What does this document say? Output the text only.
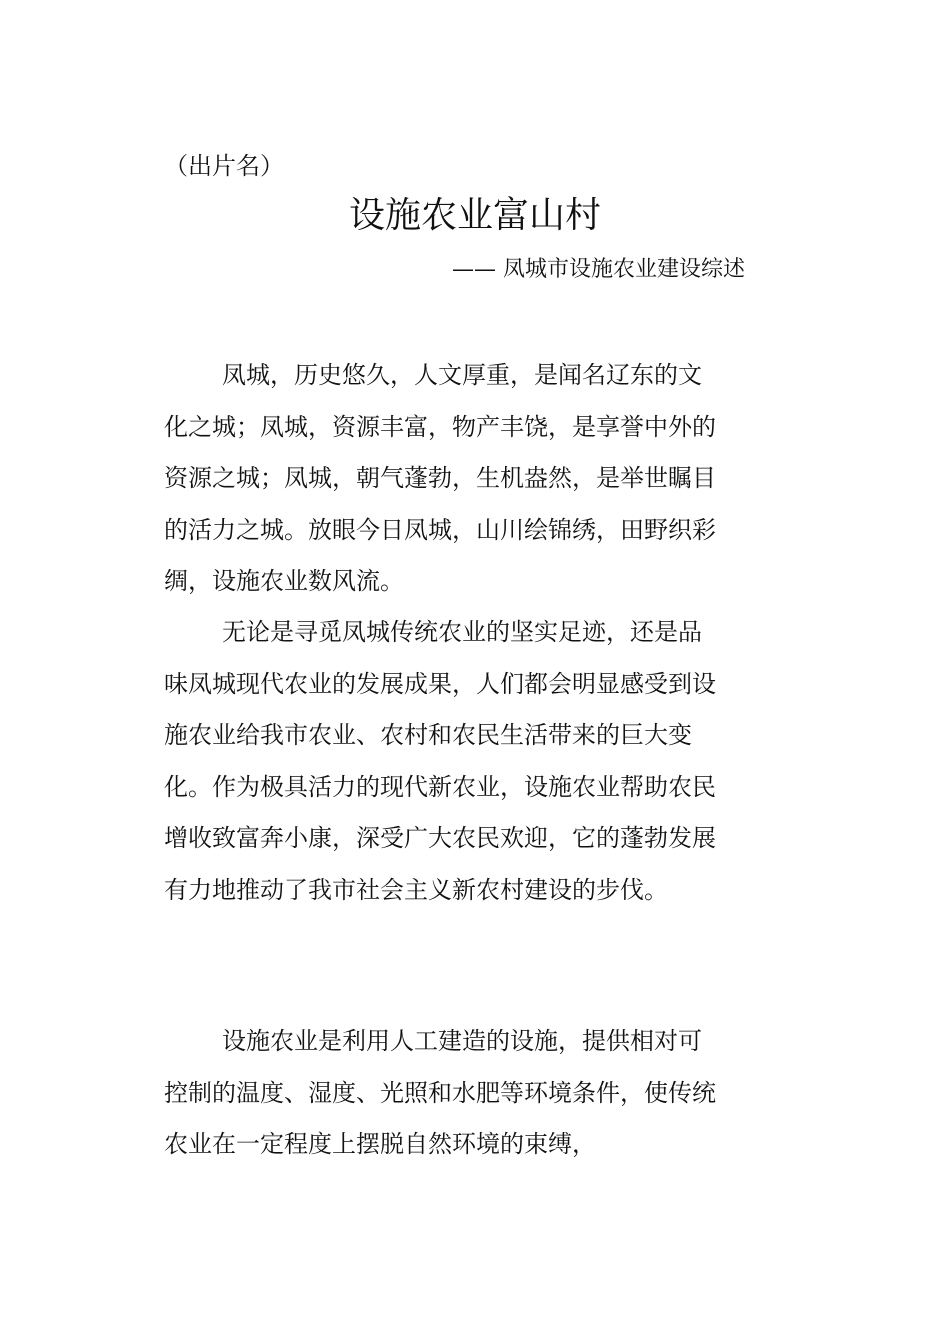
（出片名）
设施农业富山村
—— 凤城市设施农业建设综述

凤城，历史悠久，人文厚重，是闻名辽东的文化之城；凤城，资源丰富，物产丰饶，是享誉中外的资源之城；凤城，朝气蓬勃，生机盎然，是举世瞩目的活力之城。放眼今日凤城，山川绘锦绣，田野织彩绸，设施农业数风流。

无论是寻觅凤城传统农业的坚实足迹，还是品味凤城现代农业的发展成果，人们都会明显感受到设施农业给我市农业、农村和农民生活带来的巨大变化。作为极具活力的现代新农业，设施农业帮助农民增收致富奔小康，深受广大农民欢迎，它的蓬勃发展有力地推动了我市社会主义新农村建设的步伐。

设施农业是利用人工建造的设施，提供相对可控制的温度、湿度、光照和水肥等环境条件，使传统农业在一定程度上摆脱自然环境的束缚，
